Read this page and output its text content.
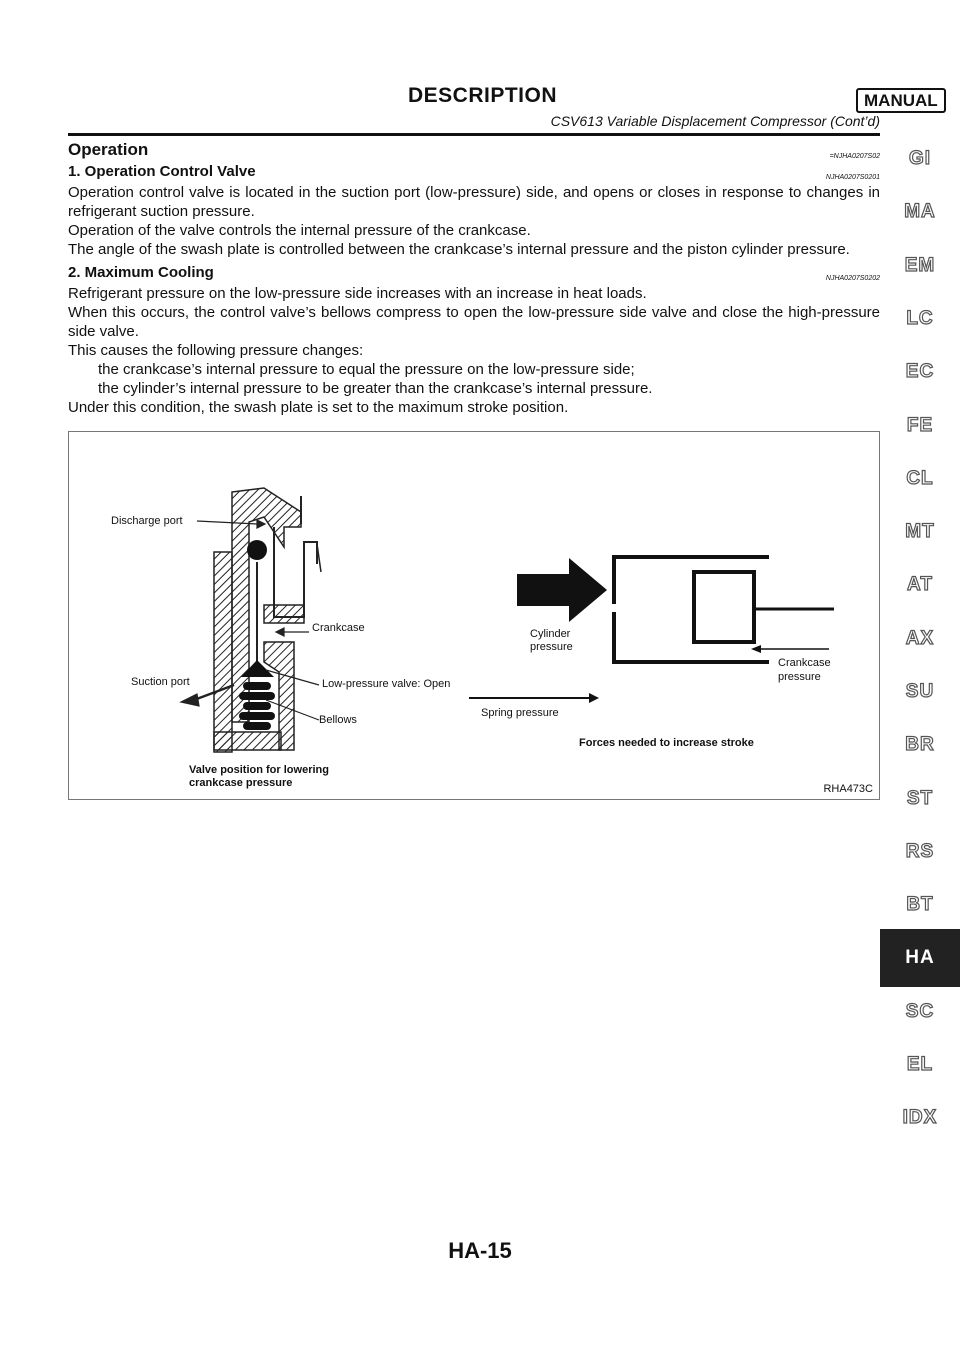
DESCRIPTION	MANUAL
CSV613 Variable Displacement Compressor (Cont’d)
Operation	=NJHA0207S02
1. Operation Control Valve	NJHA0207S0201

Operation control valve is located in the suction port (low-pressure) side, and opens or closes in response to changes in refrigerant suction pressure.

Operation of the valve controls the internal pressure of the crankcase.

The angle of the swash plate is controlled between the crankcase’s internal pressure and the piston cylinder pressure.

2. Maximum Cooling	NJHA0207S0202

Refrigerant pressure on the low-pressure side increases with an increase in heat loads.

When this occurs, the control valve’s bellows compress to open the low-pressure side valve and close the high-pressure side valve.

This causes the following pressure changes:

the crankcase’s internal pressure to equal the pressure on the low-pressure side;

the cylinder’s internal pressure to be greater than the crankcase’s internal pressure.

Under this condition, the swash plate is set to the maximum stroke position.

Discharge port
Crankcase
Suction port	Low-pressure valve: Open
Bellows
Valve position for lowering
crankcase pressure
Cylinder
pressure
Crankcase
pressure
Spring pressure
Forces needed to increase stroke
RHA473C
GI
MA
EM
LC
EC
FE
CL
MT
AT
AX
SU
BR
ST
RS
BT
HA
SC
EL
IDX
HA-15
